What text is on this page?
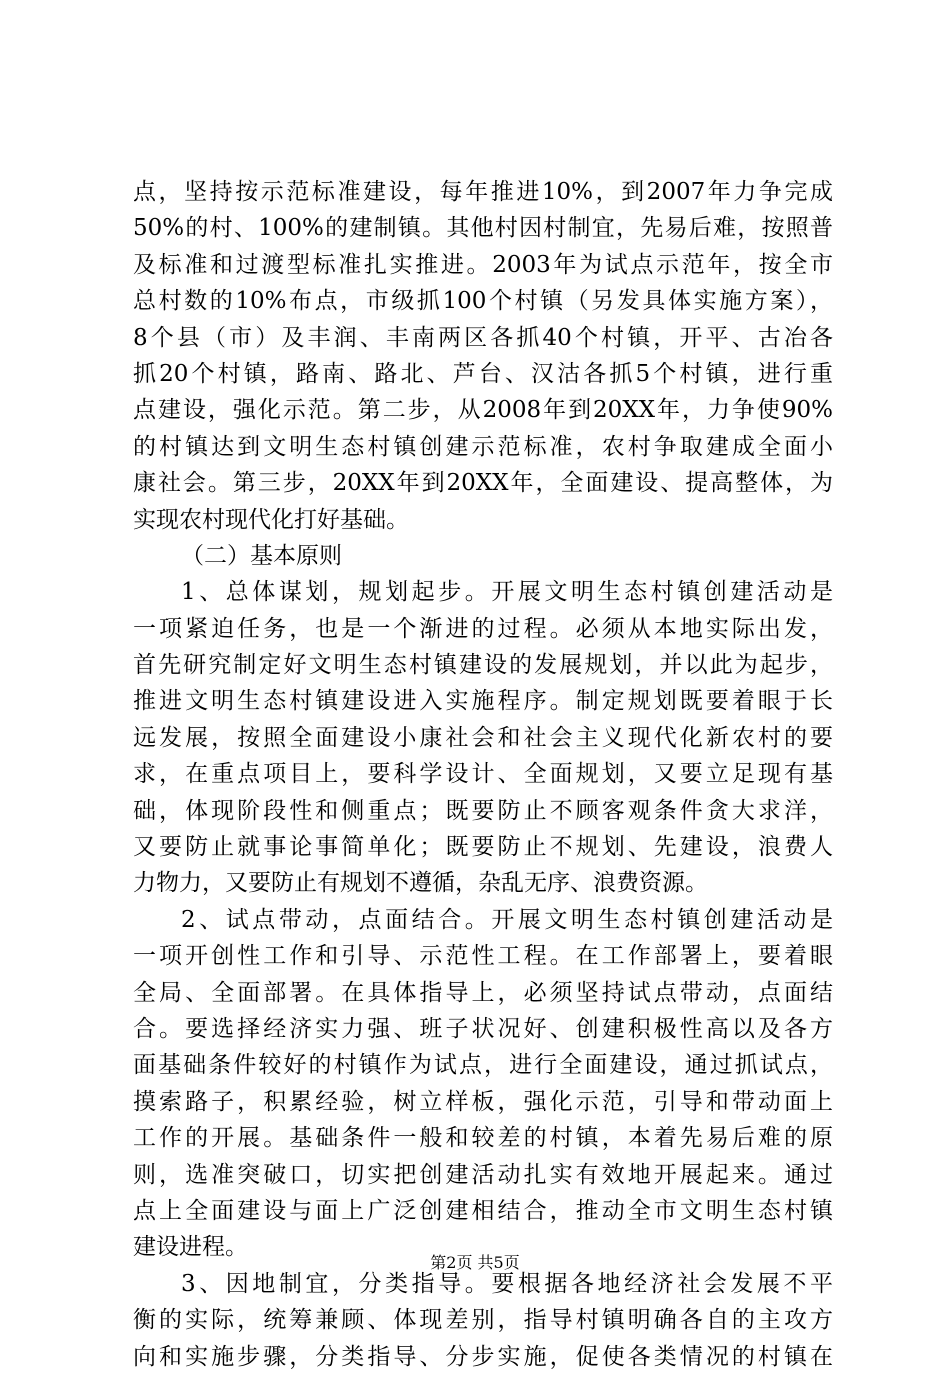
点，坚持按示范标准建设，每年推进10%，到2007年力争完成
50%的村、100%的建制镇。其他村因村制宜，先易后难，按照普
及标准和过渡型标准扎实推进。2003年为试点示范年，按全市
总村数的10%布点，市级抓100个村镇（另发具体实施方案），
8个县（市）及丰润、丰南两区各抓40个村镇，开平、古冶各
抓20个村镇，路南、路北、芦台、汉沽各抓5个村镇，进行重
点建设，强化示范。第二步，从2008年到20XX年，力争使90%
的村镇达到文明生态村镇创建示范标准，农村争取建成全面小
康社会。第三步，20XX年到20XX年，全面建设、提高整体，为
实现农村现代化打好基础。
（二）基本原则
1、总体谋划，规划起步。开展文明生态村镇创建活动是
一项紧迫任务，也是一个渐进的过程。必须从本地实际出发，
首先研究制定好文明生态村镇建设的发展规划，并以此为起步，
推进文明生态村镇建设进入实施程序。制定规划既要着眼于长
远发展，按照全面建设小康社会和社会主义现代化新农村的要
求，在重点项目上，要科学设计、全面规划，又要立足现有基
础，体现阶段性和侧重点；既要防止不顾客观条件贪大求洋，
又要防止就事论事简单化；既要防止不规划、先建设，浪费人
力物力，又要防止有规划不遵循，杂乱无序、浪费资源。
2、试点带动，点面结合。开展文明生态村镇创建活动是
一项开创性工作和引导、示范性工程。在工作部署上，要着眼
全局、全面部署。在具体指导上，必须坚持试点带动，点面结
合。要选择经济实力强、班子状况好、创建积极性高以及各方
面基础条件较好的村镇作为试点，进行全面建设，通过抓试点，
摸索路子，积累经验，树立样板，强化示范，引导和带动面上
工作的开展。基础条件一般和较差的村镇，本着先易后难的原
则，选准突破口，切实把创建活动扎实有效地开展起来。通过
点上全面建设与面上广泛创建相结合，推动全市文明生态村镇
建设进程。
3、因地制宜，分类指导。要根据各地经济社会发展不平
衡的实际，统筹兼顾、体现差别，指导村镇明确各自的主攻方
向和实施步骤，分类指导、分步实施，促使各类情况的村镇在
第2页 共5页
